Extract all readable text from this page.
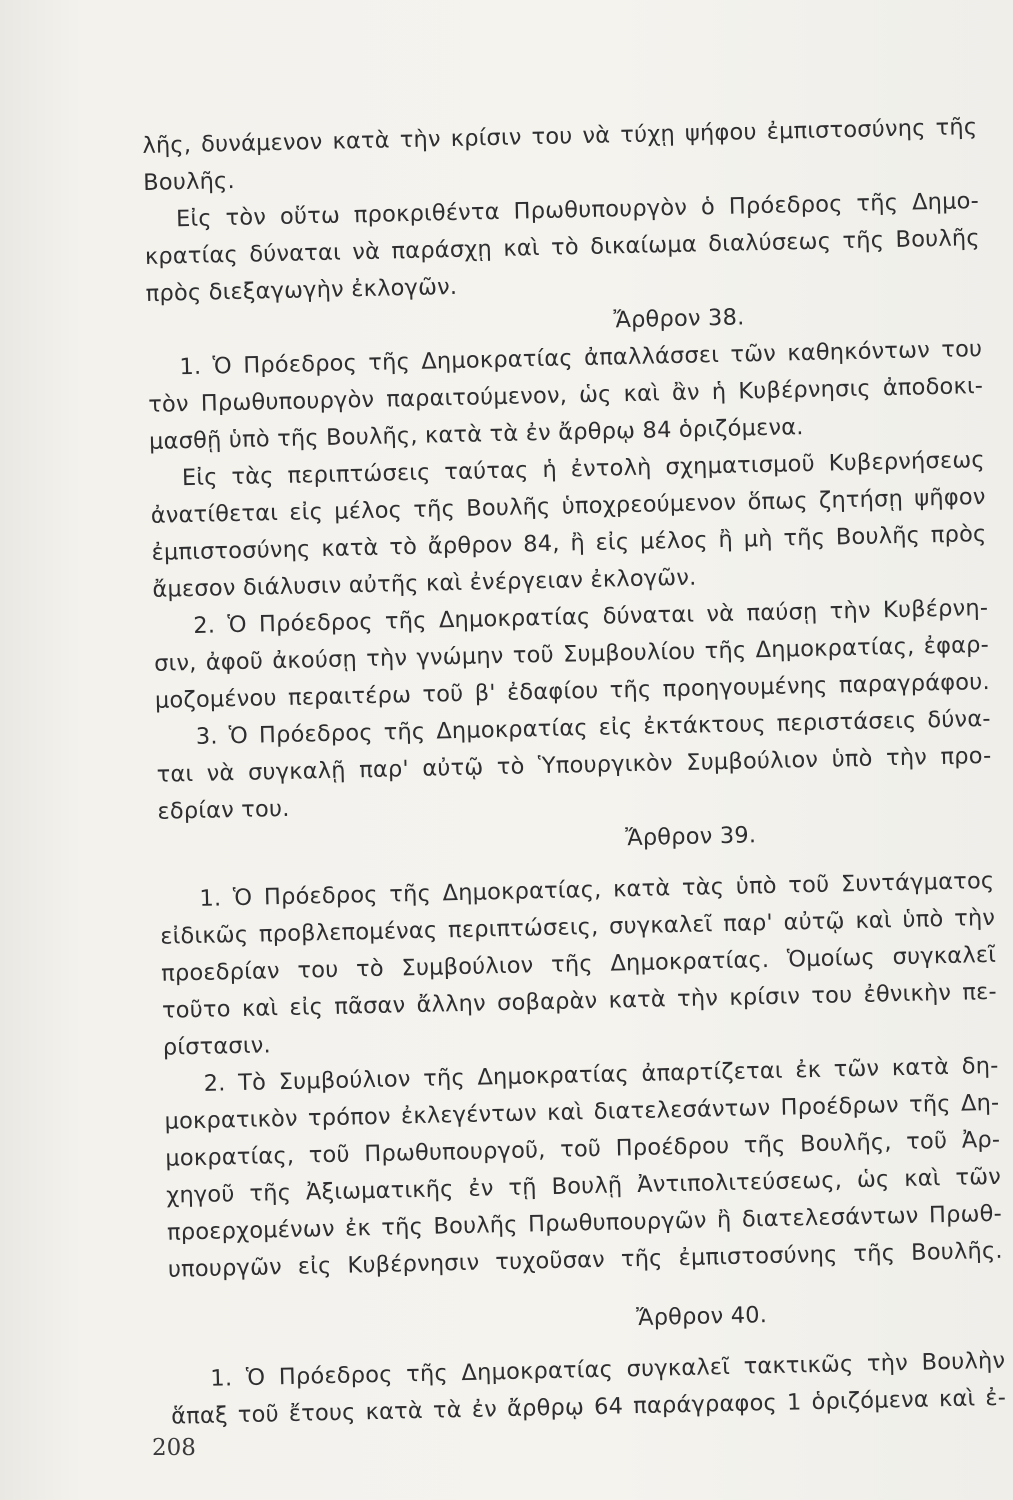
λῆς, δυνάμενον κατὰ τὴν κρίσιν του νὰ τύχῃ ψήφου ἐμπιστοσύνης τῆς
Βουλῆς.
Εἰς τὸν οὕτω προκριθέντα Πρωθυπουργὸν ὁ Πρόεδρος τῆς Δημο-
κρατίας δύναται νὰ παράσχῃ καὶ τὸ δικαίωμα διαλύσεως τῆς Βουλῆς
πρὸς διεξαγωγὴν ἐκλογῶν.
Ἄρθρον 38.
1. Ὁ Πρόεδρος τῆς Δημοκρατίας ἀπαλλάσσει τῶν καθηκόντων του
τὸν Πρωθυπουργὸν παραιτούμενον, ὡς καὶ ἂν ἡ Κυβέρνησις ἀποδοκι-
μασθῇ ὑπὸ τῆς Βουλῆς, κατὰ τὰ ἐν ἄρθρῳ 84 ὁριζόμενα.
Εἰς τὰς περιπτώσεις ταύτας ἡ ἐντολὴ σχηματισμοῦ Κυβερνήσεως
ἀνατίθεται εἰς μέλος τῆς Βουλῆς ὑποχρεούμενον ὅπως ζητήσῃ ψῆφον
ἐμπιστοσύνης κατὰ τὸ ἄρθρον 84, ἢ εἰς μέλος ἢ μὴ τῆς Βουλῆς πρὸς
ἄμεσον διάλυσιν αὐτῆς καὶ ἐνέργειαν ἐκλογῶν.
2. Ὁ Πρόεδρος τῆς Δημοκρατίας δύναται νὰ παύσῃ τὴν Κυβέρνη-
σιν, ἀφοῦ ἀκούσῃ τὴν γνώμην τοῦ Συμβουλίου τῆς Δημοκρατίας, ἐφαρ-
μοζομένου περαιτέρω τοῦ β' ἐδαφίου τῆς προηγουμένης παραγράφου.
3. Ὁ Πρόεδρος τῆς Δημοκρατίας εἰς ἐκτάκτους περιστάσεις δύνα-
ται νὰ συγκαλῇ παρ' αὐτῷ τὸ Ὑπουργικὸν Συμβούλιον ὑπὸ τὴν πρo-
εδρίαν του.
Ἄρθρον 39.
1. Ὁ Πρόεδρος τῆς Δημοκρατίας, κατὰ τὰς ὑπὸ τοῦ Συντάγματος
εἰδικῶς προβλεπομένας περιπτώσεις, συγκαλεῖ παρ' αὐτῷ καὶ ὑπὸ τὴν
προεδρίαν του τὸ Συμβούλιον τῆς Δημοκρατίας. Ὁμοίως συγκαλεῖ
τοῦτο καὶ εἰς πᾶσαν ἄλλην σοβαρὰν κατὰ τὴν κρίσιν του ἐθνικὴν πε-
ρίστασιν.
2. Τὸ Συμβούλιον τῆς Δημοκρατίας ἀπαρτίζεται ἐκ τῶν κατὰ δη-
μοκρατικὸν τρόπον ἐκλεγέντων καὶ διατελεσάντων Προέδρων τῆς Δη-
μοκρατίας, τοῦ Πρωθυπουργοῦ, τοῦ Προέδρου τῆς Βουλῆς, τοῦ Ἀρ-
χηγοῦ τῆς Ἀξιωματικῆς ἐν τῇ Βουλῇ Ἀντιπολιτεύσεως, ὡς καὶ τῶν
προερχομένων ἐκ τῆς Βουλῆς Πρωθυπουργῶν ἢ διατελεσάντων Πρωθ-
υπουργῶν εἰς Κυβέρνησιν τυχοῦσαν τῆς ἐμπιστοσύνης τῆς Βουλῆς.
Ἄρθρον 40.
1. Ὁ Πρόεδρος τῆς Δημοκρατίας συγκαλεῖ τακτικῶς τὴν Βουλὴν
ἅπαξ τοῦ ἔτους κατὰ τὰ ἐν ἄρθρῳ 64 παράγραφος 1 ὁριζόμενα καὶ ἐ-
208
